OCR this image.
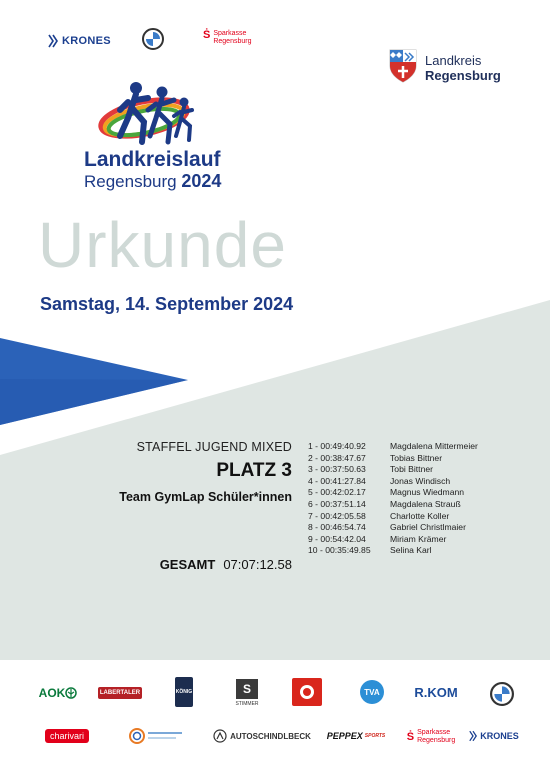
KRONES	Ṡ Sparkasse
Regensburg
Landkreis
Regensburg
Landkreislauf
Regensburg 2024
Urkunde
Samstag, 14. September 2024
STAFFEL JUGEND MIXED
PLATZ 3
Team GymLap Schüler*innen
GESAMT 07:07:12.58
1 - 00:49:40.92	Magdalena Mittermeier
2 - 00:38:47.67	Tobias Bittner
3 - 00:37:50.63	Tobi Bittner
4 - 00:41:27.84	Jonas Windisch
5 - 00:42:02.17	Magnus Wiedmann
6 - 00:37:51.14	Magdalena Strauß
7 - 00:42:05.58	Charlotte Koller
8 - 00:46:54.74	Gabriel Christlmaier
9 - 00:54:42.04	Miriam Krämer
10 - 00:35:49.85	Selina Karl
AOK	LABERTALER	KÖNIG	S
STIMMER
TVA	R.KOM
charivari	AUTOSCHINDLBECK PEPPEX SPORTS Ṡ Sparkasse
Regensburg	KRONES
